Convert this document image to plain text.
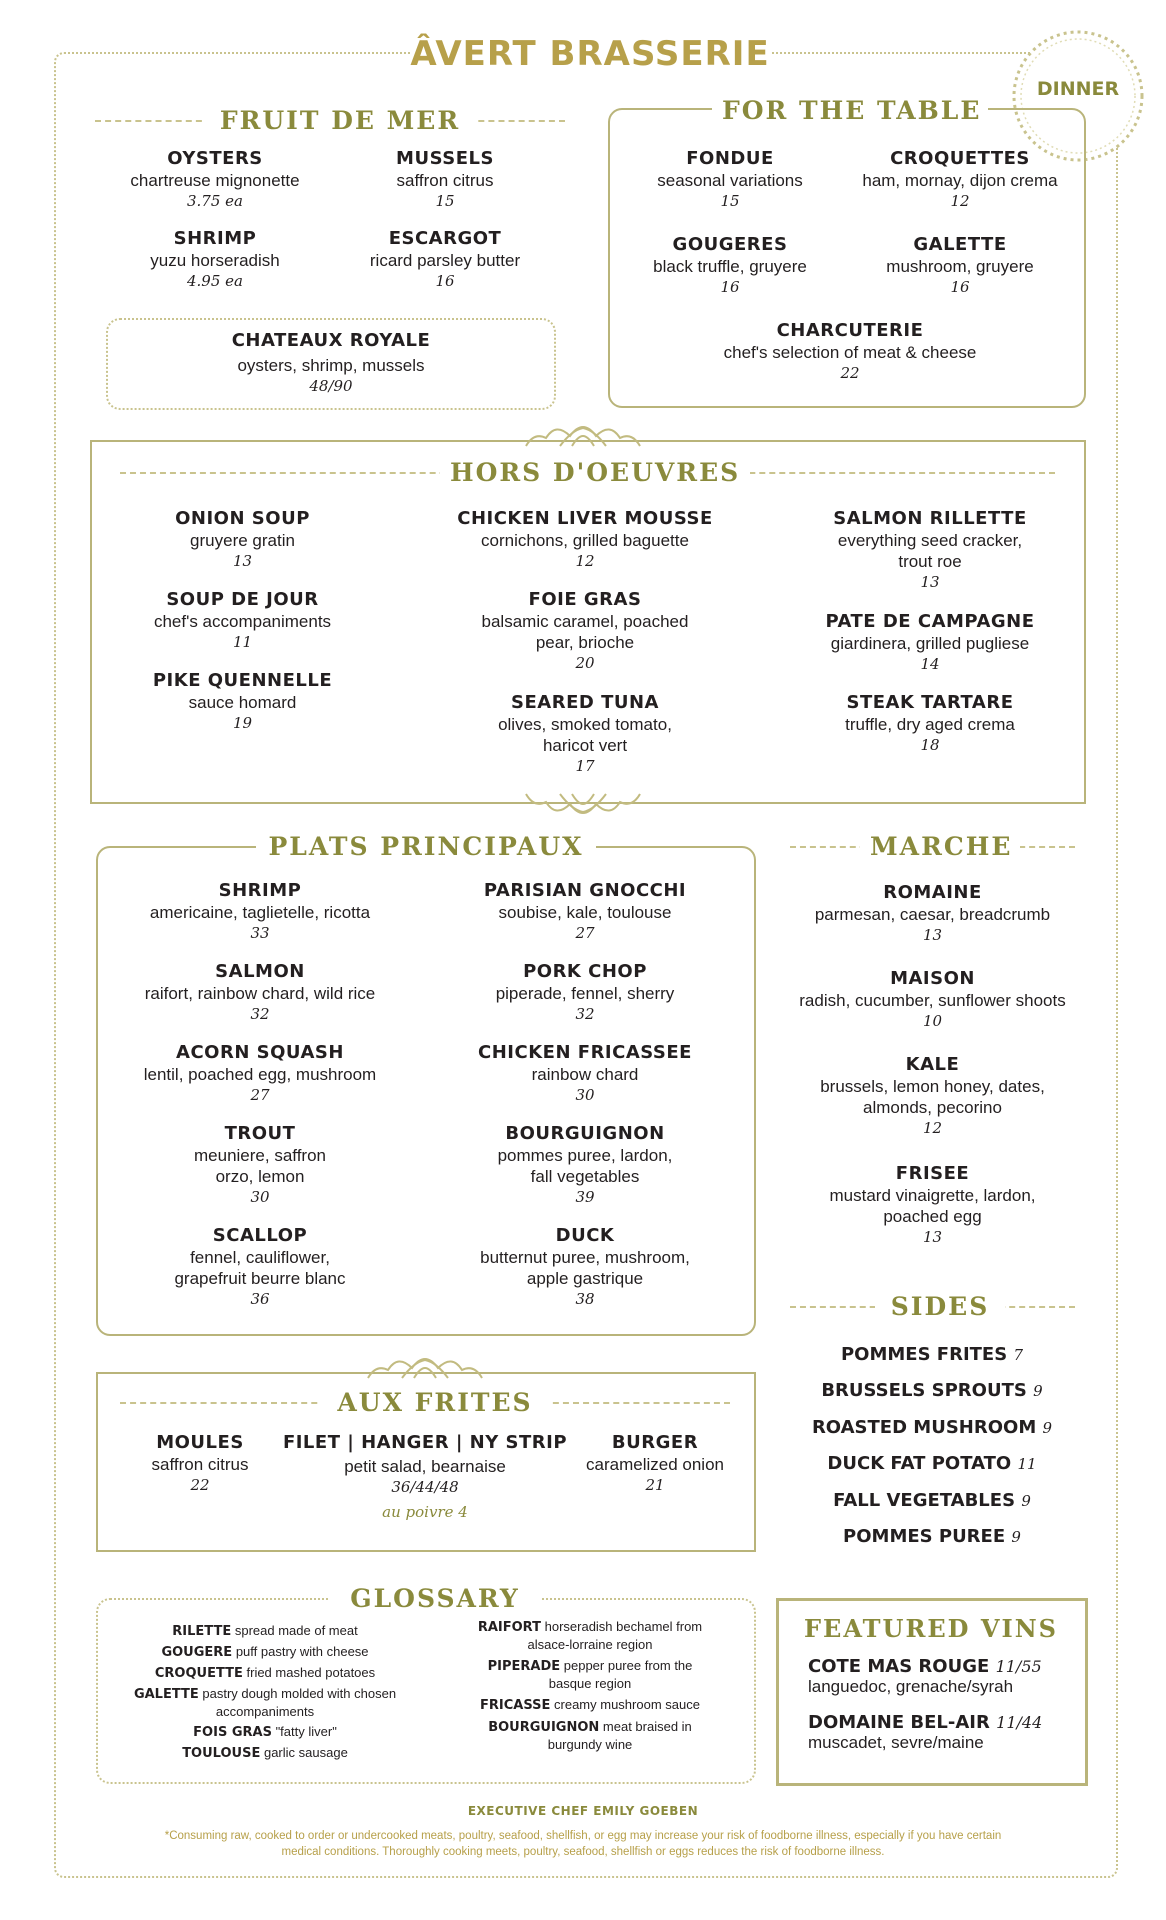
ÂVERT BRASSERIE
DINNER
FRUIT DE MER
OYSTERS
chartreuse mignonette
3.75 ea
MUSSELS
saffron citrus
15
SHRIMP
yuzu horseradish
4.95 ea
ESCARGOT
ricard parsley butter
16
CHATEAUX ROYALE
oysters, shrimp, mussels
48/90
FOR THE TABLE
FONDUE
seasonal variations
15
CROQUETTES
ham, mornay, dijon crema
12
GOUGERES
black truffle, gruyere
16
GALETTE
mushroom, gruyere
16
CHARCUTERIE
chef's selection of meat & cheese
22
HORS D'OEUVRES
ONION SOUP
gruyere gratin
13
CHICKEN LIVER MOUSSE
cornichons, grilled baguette
12
SALMON RILLETTE
everything seed cracker,
trout roe
13
SOUP DE JOUR
chef's accompaniments
11
FOIE GRAS
balsamic caramel, poached
pear, brioche
20
PATE DE CAMPAGNE
giardinera, grilled pugliese
14
PIKE QUENNELLE
sauce homard
19
SEARED TUNA
olives, smoked tomato,
haricot vert
17
STEAK TARTARE
truffle, dry aged crema
18
PLATS PRINCIPAUX
SHRIMP
americaine, taglietelle, ricotta
33
PARISIAN GNOCCHI
soubise, kale, toulouse
27
SALMON
raifort, rainbow chard, wild rice
32
PORK CHOP
piperade, fennel, sherry
32
ACORN SQUASH
lentil, poached egg, mushroom
27
CHICKEN FRICASSEE
rainbow chard
30
TROUT
meuniere, saffron
orzo, lemon
30
BOURGUIGNON
pommes puree, lardon,
fall vegetables
39
SCALLOP
fennel, cauliflower,
grapefruit beurre blanc
36
DUCK
butternut puree, mushroom,
apple gastrique
38
MARCHE
ROMAINE
parmesan, caesar, breadcrumb
13
MAISON
radish, cucumber, sunflower shoots
10
KALE
brussels, lemon honey, dates,
almonds, pecorino
12
FRISEE
mustard vinaigrette, lardon,
poached egg
13
SIDES
POMMES FRITES 7
BRUSSELS SPROUTS 9
ROASTED MUSHROOM 9
DUCK FAT POTATO 11
FALL VEGETABLES 9
POMMES PUREE 9
AUX FRITES
MOULES
saffron citrus
22
FILET | HANGER | NY STRIP
petit salad, bearnaise
36/44/48
au poivre 4
BURGER
caramelized onion
21
GLOSSARY
RILETTE spread made of meat
GOUGERE puff pastry with cheese
CROQUETTE fried mashed potatoes
GALETTE pastry dough molded with chosen
accompaniments
FOIS GRAS "fatty liver"
TOULOUSE garlic sausage
RAIFORT horseradish bechamel from
alsace-lorraine region
PIPERADE pepper puree from the
basque region
FRICASSE creamy mushroom sauce
BOURGUIGNON meat braised in
burgundy wine
FEATURED VINS
COTE MAS ROUGE 11/55
languedoc, grenache/syrah
DOMAINE BEL-AIR 11/44
muscadet, sevre/maine
EXECUTIVE CHEF EMILY GOEBEN
*Consuming raw, cooked to order or undercooked meats, poultry, seafood, shellfish, or egg may increase your risk of foodborne illness, especially if you have certain
medical conditions. Thoroughly cooking meets, poultry, seafood, shellfish or eggs reduces the risk of foodborne illness.
